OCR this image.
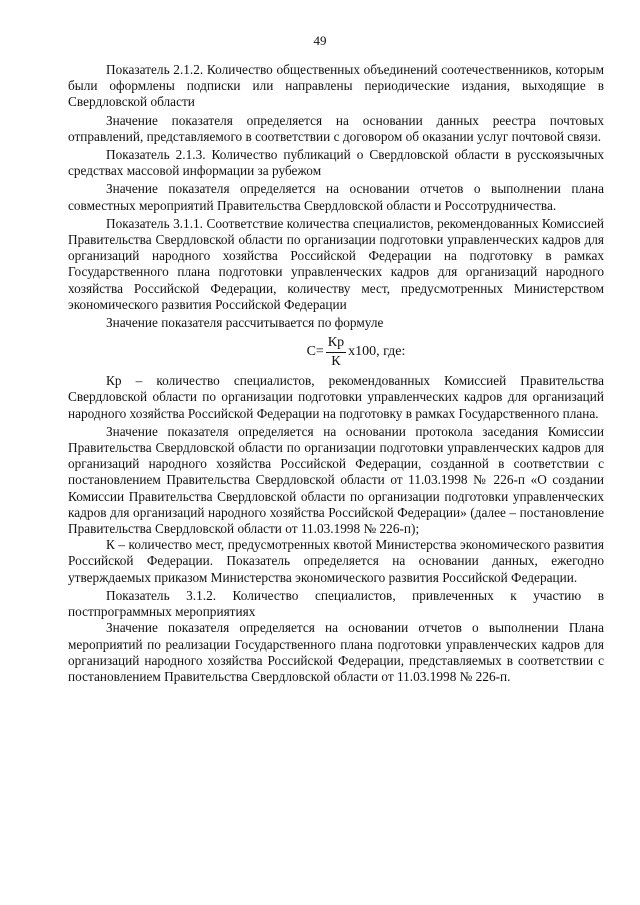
49

Показатель 2.1.2. Количество общественных объединений соотечественников, которым были оформлены подписки или направлены периодические издания, выходящие в Свердловской области

Значение показателя определяется на основании данных реестра почтовых отправлений, представляемого в соответствии с договором об оказании услуг почтовой связи.

Показатель 2.1.3. Количество публикаций о Свердловской области в русскоязычных средствах массовой информации за рубежом

Значение показателя определяется на основании отчетов о выполнении плана совместных мероприятий Правительства Свердловской области и Россотрудничества.

Показатель 3.1.1. Соответствие количества специалистов, рекомендованных Комиссией Правительства Свердловской области по организации подготовки управленческих кадров для организаций народного хозяйства Российской Федерации на подготовку в рамках Государственного плана подготовки управленческих кадров для организаций народного хозяйства Российской Федерации, количеству мест, предусмотренных Министерством экономического развития Российской Федерации

Значение показателя рассчитывается по формуле

$С= \frac{Кр}{К} x100$, где:

Кр – количество специалистов, рекомендованных Комиссией Правительства Свердловской области по организации подготовки управленческих кадров для организаций народного хозяйства Российской Федерации на подготовку в рамках Государственного плана.

Значение показателя определяется на основании протокола заседания Комиссии Правительства Свердловской области по организации подготовки управленческих кадров для организаций народного хозяйства Российской Федерации, созданной в соответствии с постановлением Правительства Свердловской области от 11.03.1998 № 226-п «О создании Комиссии Правительства Свердловской области по организации подготовки управленческих кадров для организаций народного хозяйства Российской Федерации» (далее – постановление Правительства Свердловской области от 11.03.1998 № 226-п);

К – количество мест, предусмотренных квотой Министерства экономического развития Российской Федерации. Показатель определяется на основании данных, ежегодно утверждаемых приказом Министерства экономического развития Российской Федерации.

Показатель 3.1.2. Количество специалистов, привлеченных к участию в постпрограммных мероприятиях

Значение показателя определяется на основании отчетов о выполнении Плана мероприятий по реализации Государственного плана подготовки управленческих кадров для организаций народного хозяйства Российской Федерации, представляемых в соответствии с постановлением Правительства Свердловской области от 11.03.1998 № 226-п.
